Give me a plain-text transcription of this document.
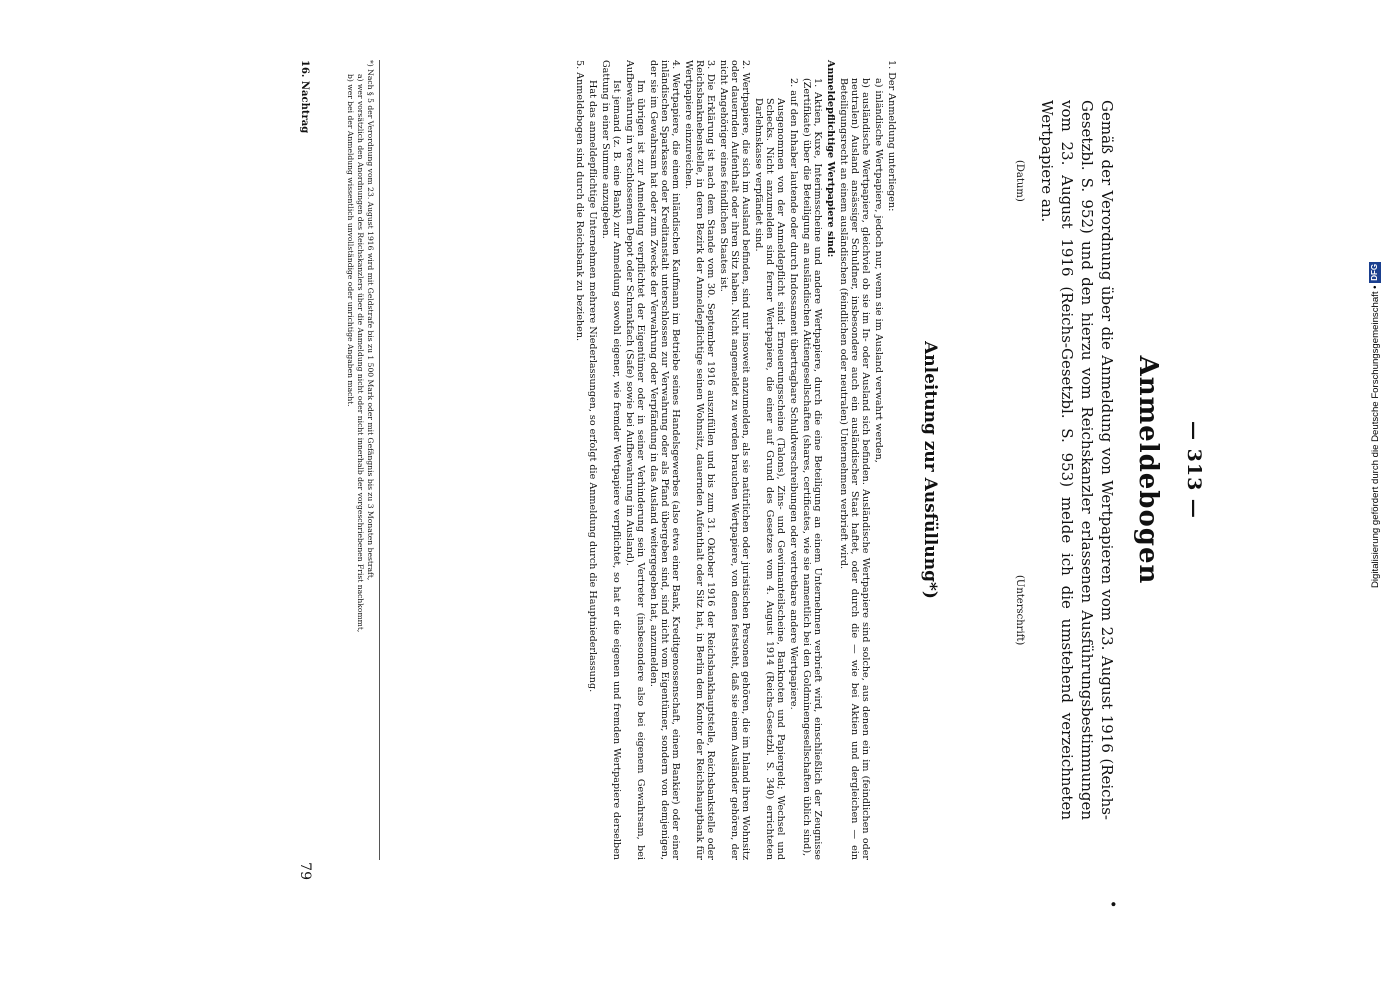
— 313 —
•
Anmeldebogen
Gemäß der Verordnung über die Anmeldung von Wertpapieren vom 23. August 1916 (Reichs-Gesetzbl. S. 952) und den hierzu vom Reichskanzler erlassenen Ausführungsbestimmungen vom 23. August 1916 (Reichs-Gesetzbl. S. 953) melde ich die umstehend verzeichneten Wertpapiere an.
(Datum)
(Unterschrift)
Anleitung zur Ausfüllung*)

1. Der Anmeldung unterliegen:

a) inländische Wertpapiere, jedoch nur, wenn sie im Ausland verwahrt werden,

b) ausländische Wertpapiere, gleichviel ob sie im In- oder Ausland sich befinden. Ausländische Wertpapiere sind solche, aus denen ein im (feindlichen oder neutralen) Ausland ansässiger Schuldner, insbesondere auch ein ausländischer Staat haftet, oder durch die — wie bei Aktien und dergleichen — ein Beteiligungsrecht an einem ausländischen (feindlichen oder neutralen) Unternehmen verbrieft wird.

Anmeldepflichtige Wertpapiere sind:

1. Aktien, Kuxe, Interimsscheine und andere Wertpapiere, durch die eine Beteiligung an einem Unternehmen verbrieft wird, einschließlich der Zeugnisse (Zertifikate) über die Beteiligung an ausländischen Aktiengesellschaften (shares, certificates, wie sie namentlich bei den Goldminengesellschaften üblich sind),

2. auf den Inhaber lautende oder durch Indossament übertragbare Schuldverschreibungen oder vertretbare andere Wertpapiere.

Ausgenommen von der Anmeldepflicht sind: Erneuerungsscheine (Talons), Zins- und Gewinnanteilscheine, Banknoten und Papiergeld; Wechsel und Schecks. Nicht anzumelden sind ferner Wertpapiere, die einer auf Grund des Gesetzes vom 4. August 1914 (Reichs-Gesetzbl. S. 340) errichteten Darlehnskasse verpfändet sind.

2. Wertpapiere, die sich im Ausland befinden, sind nur insoweit anzumelden, als sie natürlichen oder juristischen Personen gehören, die im Inland ihren Wohnsitz oder dauernden Aufenthalt oder ihren Sitz haben. Nicht angemeldet zu werden brauchen Wertpapiere, von denen feststeht, daß sie einem Ausländer gehören, der nicht Angehöriger eines feindlichen Staates ist.

3. Die Erklärung ist nach dem Stande vom 30. September 1916 auszufüllen und bis zum 31. Oktober 1916 der Reichsbankhauptstelle, Reichsbankstelle oder Reichsbanknebenstelle, in deren Bezirk der Anmeldepflichtige seinen Wohnsitz, dauernden Aufenthalt oder Sitz hat, in Berlin dem Kontor der Reichshauptbank für Wertpapiere einzureichen.

4. Wertpapiere, die einem inländischen Kaufmann im Betriebe seines Handelsgewerbes (also etwa einer Bank, Kreditgenossenschaft, einem Bankier) oder einer inländischen Sparkasse oder Kreditanstalt unterschlossen zur Verwahrung oder als Pfand übergeben sind, sind nicht vom Eigentümer, sondern von demjenigen, der sie im Gewahrsam hat oder zum Zwecke der Verwahrung oder Verpfändung in das Ausland weitergegeben hat, anzumelden.

Im übrigen ist zur Anmeldung verpflichtet der Eigentümer oder in seiner Verhinderung sein Vertreter (insbesondere also bei eigenem Gewahrsam, bei Aufbewahrung in verschlossenem Depot oder Schrankfach (Safe) sowie bei Aufbewahrung im Ausland).

Ist jemand (z. B. eine Bank) zur Anmeldung sowohl eigener, wie fremder Wertpapiere verpflichtet, so hat er die eigenen und fremden Wertpapiere derselben Gattung in einer Summe anzugeben.

Hat das anmeldepflichtige Unternehmen mehrere Niederlassungen, so erfolgt die Anmeldung durch die Hauptniederlassung.

5. Anmeldebogen sind durch die Reichsbank zu beziehen.

*) Nach § 5 der Verordnung vom 23. August 1916 wird mit Geldstrafe bis zu 1 500 Mark oder mit Gefängnis bis zu 3 Monaten bestraft,

a) wer vorsätzlich den Anordnungen des Reichskanzlers über die Anmeldung nicht oder nicht innerhalb der vorgeschriebenen Frist nachkommt,

b) wer bei der Anmeldung wissentlich unvollständige oder unrichtige Angaben macht.

16. Nachtrag
79
Digitalisierung gefördert durch die Deutsche Forschungsgemeinschaft • DFG
